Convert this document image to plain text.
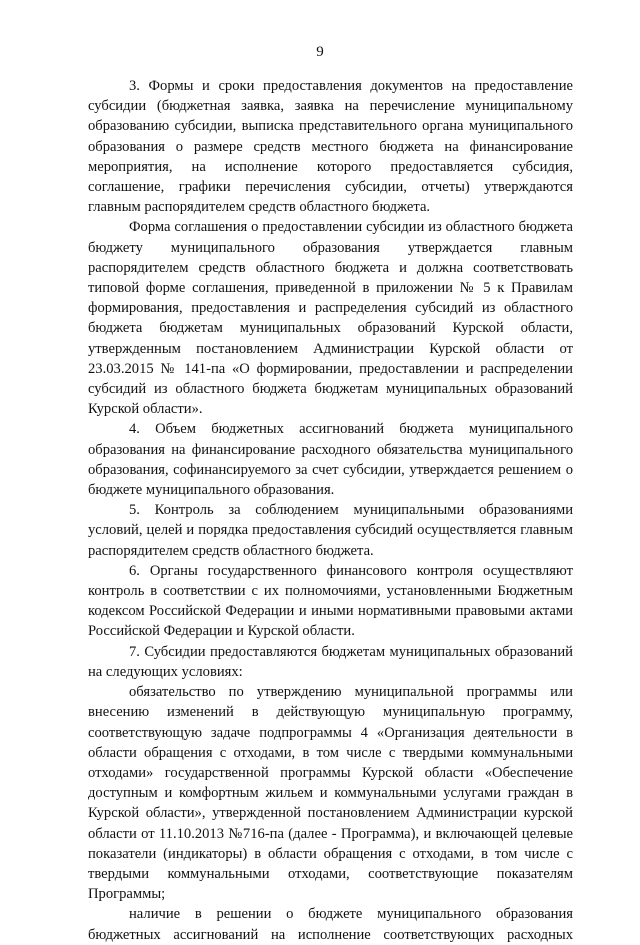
9

3. Формы и сроки предоставления документов на предоставление субсидии (бюджетная заявка, заявка на перечисление муниципальному образованию субсидии, выписка представительного органа муниципального образования о размере средств местного бюджета на финансирование мероприятия, на исполнение которого предоставляется субсидия, соглашение, графики перечисления субсидии, отчеты) утверждаются главным распорядителем средств областного бюджета.

Форма соглашения о предоставлении субсидии из областного бюджета бюджету муниципального образования утверждается главным распорядителем средств областного бюджета и должна соответствовать типовой форме соглашения, приведенной в приложении № 5 к Правилам формирования, предоставления и распределения субсидий из областного бюджета бюджетам муниципальных образований Курской области, утвержденным постановлением Администрации Курской области от 23.03.2015 № 141-па «О формировании, предоставлении и распределении субсидий из областного бюджета бюджетам муниципальных образований Курской области».

4. Объем бюджетных ассигнований бюджета муниципального образования на финансирование расходного обязательства муниципального образования, софинансируемого за счет субсидии, утверждается решением о бюджете муниципального образования.

5. Контроль за соблюдением муниципальными образованиями условий, целей и порядка предоставления субсидий осуществляется главным распорядителем средств областного бюджета.

6. Органы государственного финансового контроля осуществляют контроль в соответствии с их полномочиями, установленными Бюджетным кодексом Российской Федерации и иными нормативными правовыми актами Российской Федерации и Курской области.

7. Субсидии предоставляются бюджетам муниципальных образований на следующих условиях:

обязательство по утверждению муниципальной программы или внесению изменений в действующую муниципальную программу, соответствующую задаче подпрограммы 4 «Организация деятельности в области обращения с отходами, в том числе с твердыми коммунальными отходами» государственной программы Курской области «Обеспечение доступным и комфортным жильем и коммунальными услугами граждан в Курской области», утвержденной постановлением Администрации курской области от 11.10.2013 №716-па (далее - Программа), и включающей целевые показатели (индикаторы) в области обращения с отходами, в том числе с твердыми коммунальными отходами, соответствующие показателям Программы;

наличие в решении о бюджете муниципального образования бюджетных ассигнований на исполнение соответствующих расходных
